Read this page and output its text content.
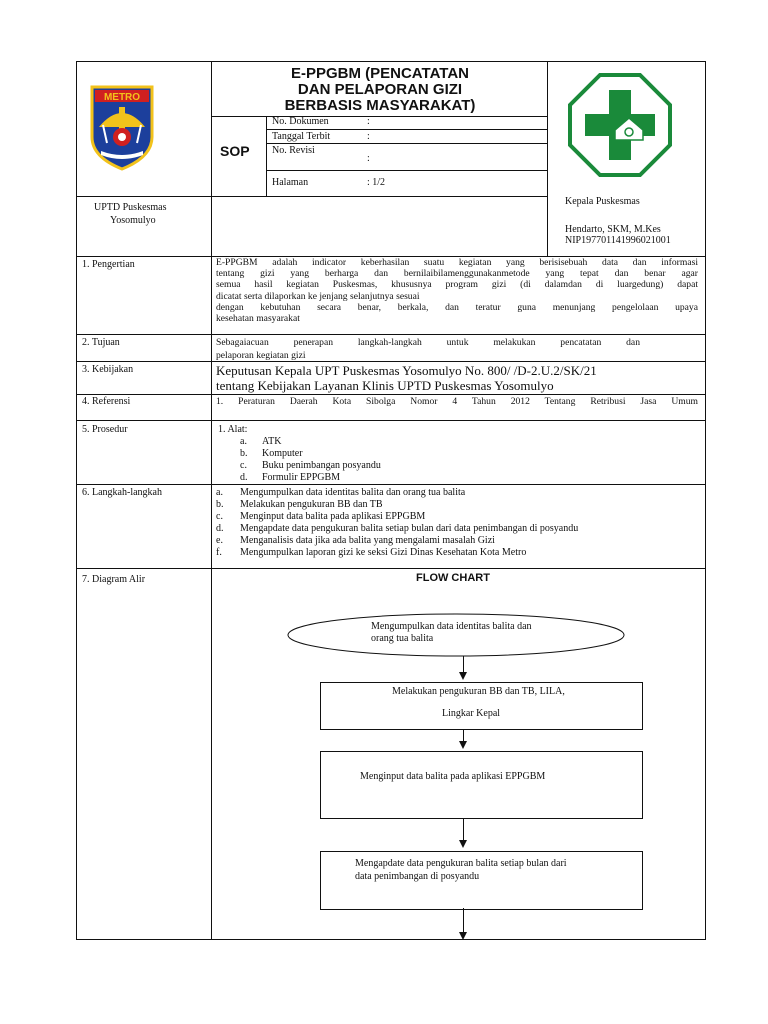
METRO
E-PPGBM (PENCATATAN
DAN PELAPORAN GIZI
BERBASIS MASYARAKAT)
SOP
No. Dokumen	:
Tanggal Terbit	:
No. Revisi
:
Halaman	: 1/2
UPTD Puskesmas
Yosomulyo
Kepala Puskesmas
Hendarto, SKM, M.Kes
NIP197701141996021001
1. Pengertian	E-PPGBM adalah indicator keberhasilan suatu kegiatan yang berisisebuah data dan informasi
tentang gizi yang berharga dan bernilaibilamenggunakanmetode yang tepat dan benar agar
semua hasil kegiatan Puskesmas, khususnya program gizi (di dalamdan di luargedung) dapat
dicatat serta dilaporkan ke jenjang selanjutnya sesuai
dengan kebutuhan secara benar, berkala, dan teratur guna menunjang pengelolaan upaya
kesehatan masyarakat
2. Tujuan	Sebagaiacuan penerapan langkah-langkah untuk melakukan pencatatan dan
pelaporan kegiatan gizi
3. Kebijakan	Keputusan Kepala UPT Puskesmas Yosomulyo No. 800/ /D-2.U.2/SK/21
tentang Kebijakan Layanan Klinis UPTD Puskesmas Yosomulyo
4. Referensi	1. Peraturan Daerah Kota Sibolga Nomor 4 Tahun 2012 Tentang Retribusi Jasa Umum
5. Prosedur	1. Alat:
a. ATK
b. Komputer
c. Buku penimbangan posyandu
d. Formulir EPPGBM
6. Langkah-langkah	a. Mengumpulkan data identitas balita dan orang tua balita
b. Melakukan pengukuran BB dan TB
c. Menginput data balita pada aplikasi EPPGBM
d. Mengapdate data pengukuran balita setiap bulan dari data penimbangan di posyandu
e. Menganalisis data jika ada balita yang mengalami masalah Gizi
f. Mengumpulkan laporan gizi ke seksi Gizi Dinas Kesehatan Kota Metro
7. Diagram Alir	FLOW CHART
Mengumpulkan data identitas balita dan
orang tua balita
Melakukan pengukuran BB dan TB, LILA,
Lingkar Kepal
Menginput data balita pada aplikasi EPPGBM
Mengapdate data pengukuran balita setiap bulan dari
data penimbangan di posyandu
